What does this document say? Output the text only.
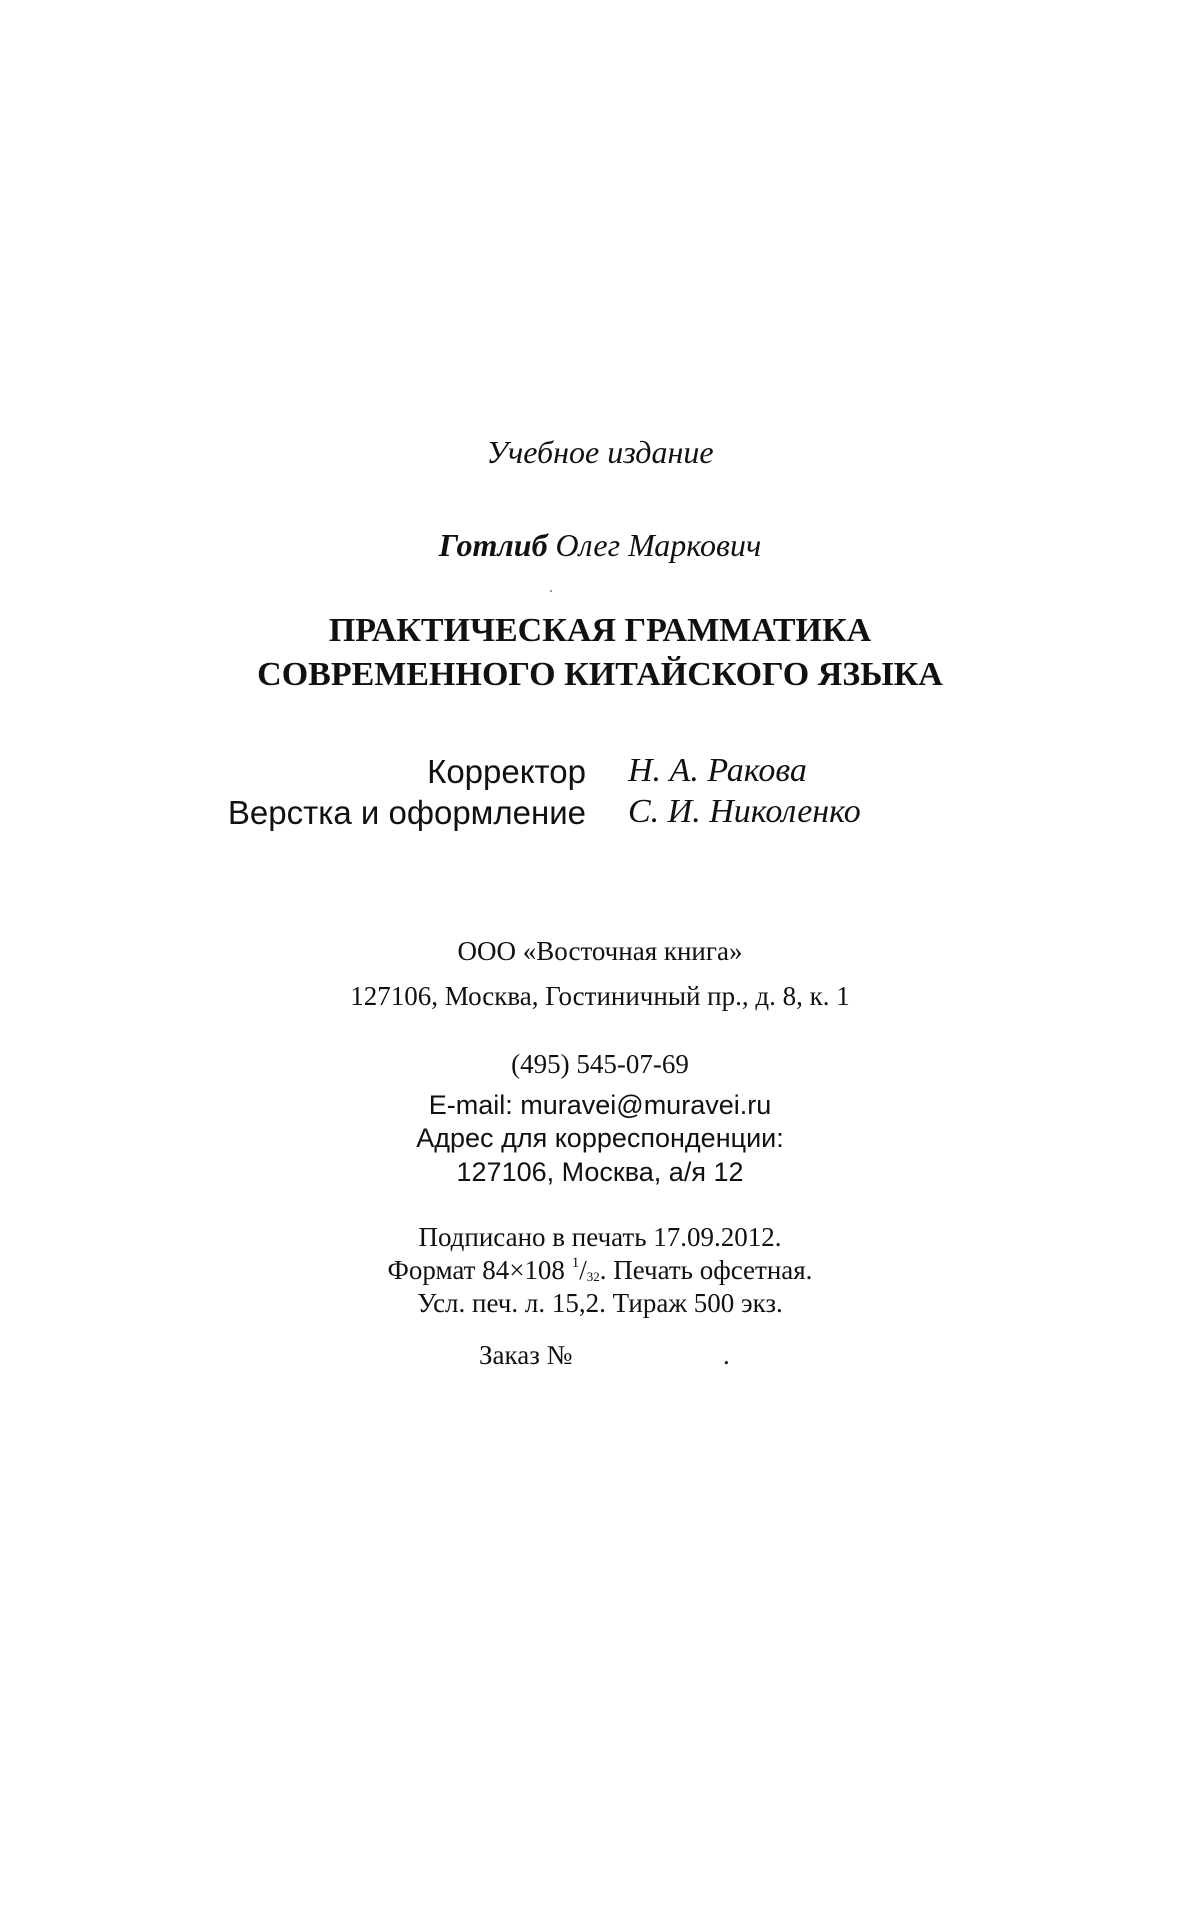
Учебное издание
Готлиб Олег Маркович
ПРАКТИЧЕСКАЯ ГРАММАТИКА
СОВРЕМЕННОГО КИТАЙСКОГО ЯЗЫКА
Корректор Н. А. Ракова
Верстка и оформление С. И. Николенко
ООО «Восточная книга»
127106, Москва, Гостиничный пр., д. 8, к. 1
(495) 545-07-69
E-mail: muravei@muravei.ru
Адрес для корреспонденции:
127106, Москва, а/я 12
Подписано в печать 17.09.2012.
Формат 84×108 $^1/_{32}$. Печать офсетная.
Усл. печ. л. 15,2. Тираж 500 экз.
Заказ №	.
